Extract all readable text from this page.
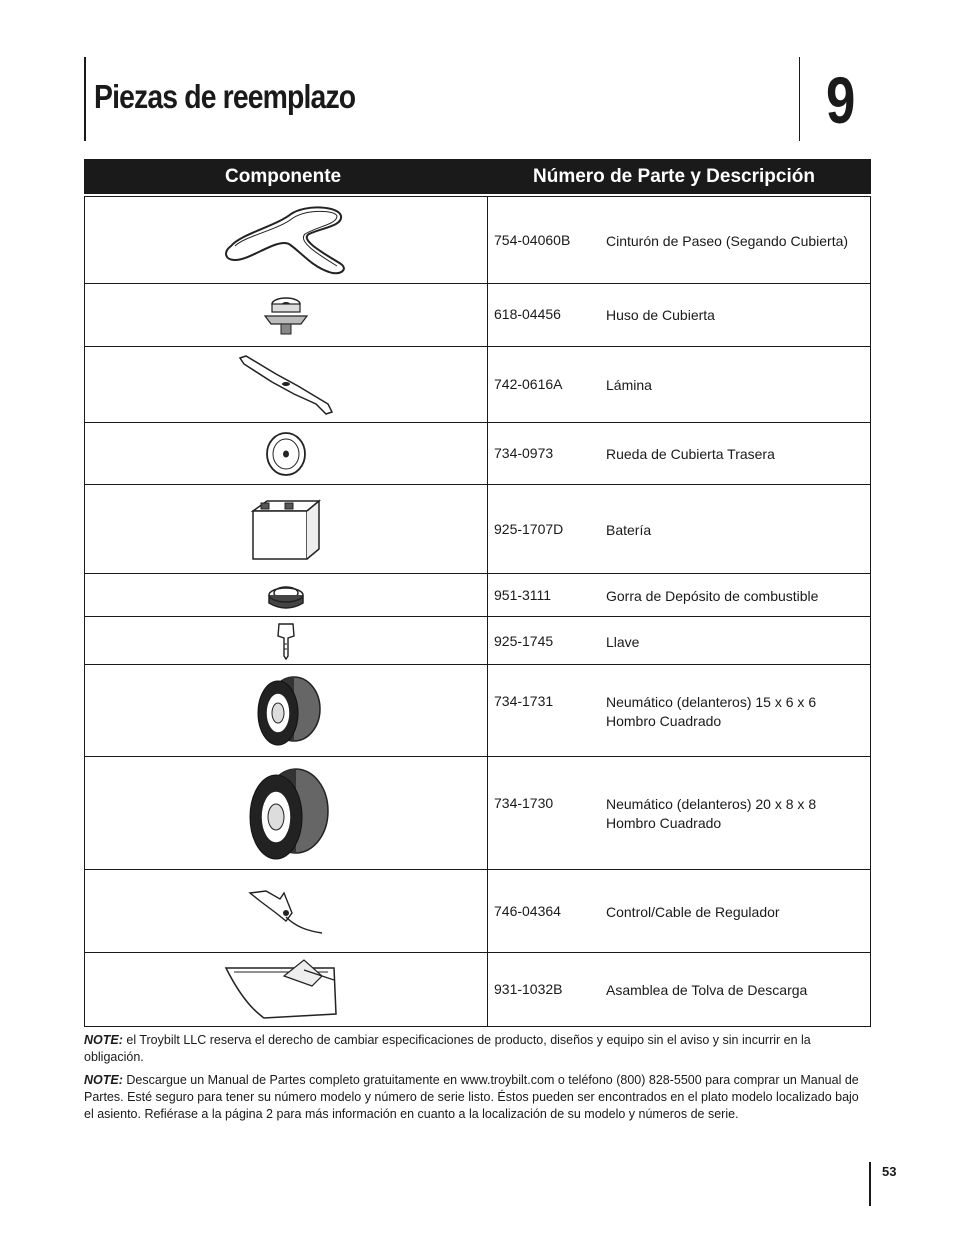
Piezas de reemplazo	9
Componente	Número de Parte y Descripción
754-04060B	Cinturón de Paseo (Segando Cubierta)
618-04456	Huso de Cubierta
742-0616A	Lámina
734-0973	Rueda de Cubierta Trasera
925-1707D	Batería
951-3111	Gorra de Depósito de combustible
925-1745	Llave
734-1731	Neumático (delanteros) 15 x 6 x 6 Hombro Cuadrado
734-1730	Neumático (delanteros) 20 x 8 x 8 Hombro Cuadrado
746-04364	Control/Cable de Regulador
931-1032B	Asamblea de Tolva de Descarga
NOTE: el Troybilt LLC reserva el derecho de cambiar especificaciones de producto, diseños y equipo sin el aviso y sin incurrir en la obligación.
NOTE: Descargue un Manual de Partes completo gratuitamente en www.troybilt.com o teléfono (800) 828-5500 para comprar un Manual de Partes. Esté seguro para tener su número modelo y número de serie listo. Éstos pueden ser encontrados en el plato modelo localizado bajo el asiento. Refiérase a la página 2 para más información en cuanto a la localización de su modelo y números de serie.
53
